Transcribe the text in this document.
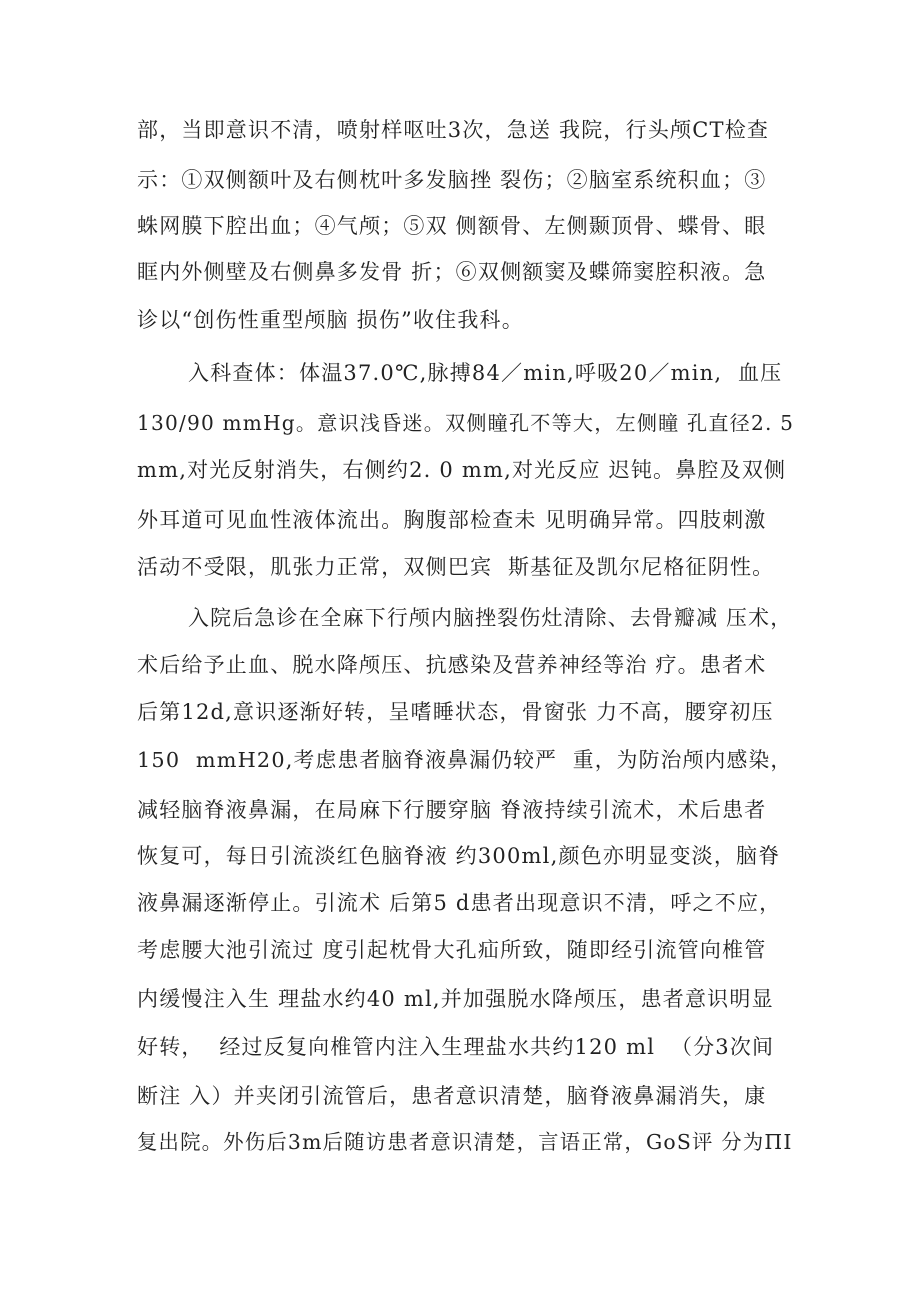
部，当即意识不清，喷射样呕吐3次，急送 我院，行头颅CT检查
示：①双侧额叶及右侧枕叶多发脑挫 裂伤；②脑室系统积血；③
蛛网膜下腔出血；④气颅；⑤双 侧额骨、左侧颞顶骨、蝶骨、眼
眶内外侧壁及右侧鼻多发骨 折；⑥双侧额窦及蝶筛窦腔积液。急
诊以“创伤性重型颅脑 损伤”收住我科。
入科查体：体温37.0℃,脉搏84／min,呼吸20／min,  血压
130/90 mmHg。意识浅昏迷。双侧瞳孔不等大，左侧瞳 孔直径2. 5
mm,对光反射消失，右侧约2. 0 mm,对光反应 迟钝。鼻腔及双侧
外耳道可见血性液体流出。胸腹部检查未 见明确异常。四肢刺激
活动不受限，肌张力正常，双侧巴宾  斯基征及凯尔尼格征阴性。
入院后急诊在全麻下行颅内脑挫裂伤灶清除、去骨瓣减 压术，
术后给予止血、脱水降颅压、抗感染及营养神经等治 疗。患者术
后第12d,意识逐渐好转，呈嗜睡状态，骨窗张 力不高，腰穿初压
150  mmH20,考虑患者脑脊液鼻漏仍较严  重，为防治颅内感染，
减轻脑脊液鼻漏，在局麻下行腰穿脑 脊液持续引流术，术后患者
恢复可，每日引流淡红色脑脊液 约300ml,颜色亦明显变淡，脑脊
液鼻漏逐渐停止。引流术 后第5 d患者出现意识不清，呼之不应，
考虑腰大池引流过 度引起枕骨大孔疝所致，随即经引流管向椎管
内缓慢注入生 理盐水约40 ml,并加强脱水降颅压，患者意识明显
好转，  经过反复向椎管内注入生理盐水共约120 ml  （分3次间
断注 入）并夹闭引流管后，患者意识清楚，脑脊液鼻漏消失，康
复出院。外伤后3m后随访患者意识清楚，言语正常，GoS评 分为ΠΙ
